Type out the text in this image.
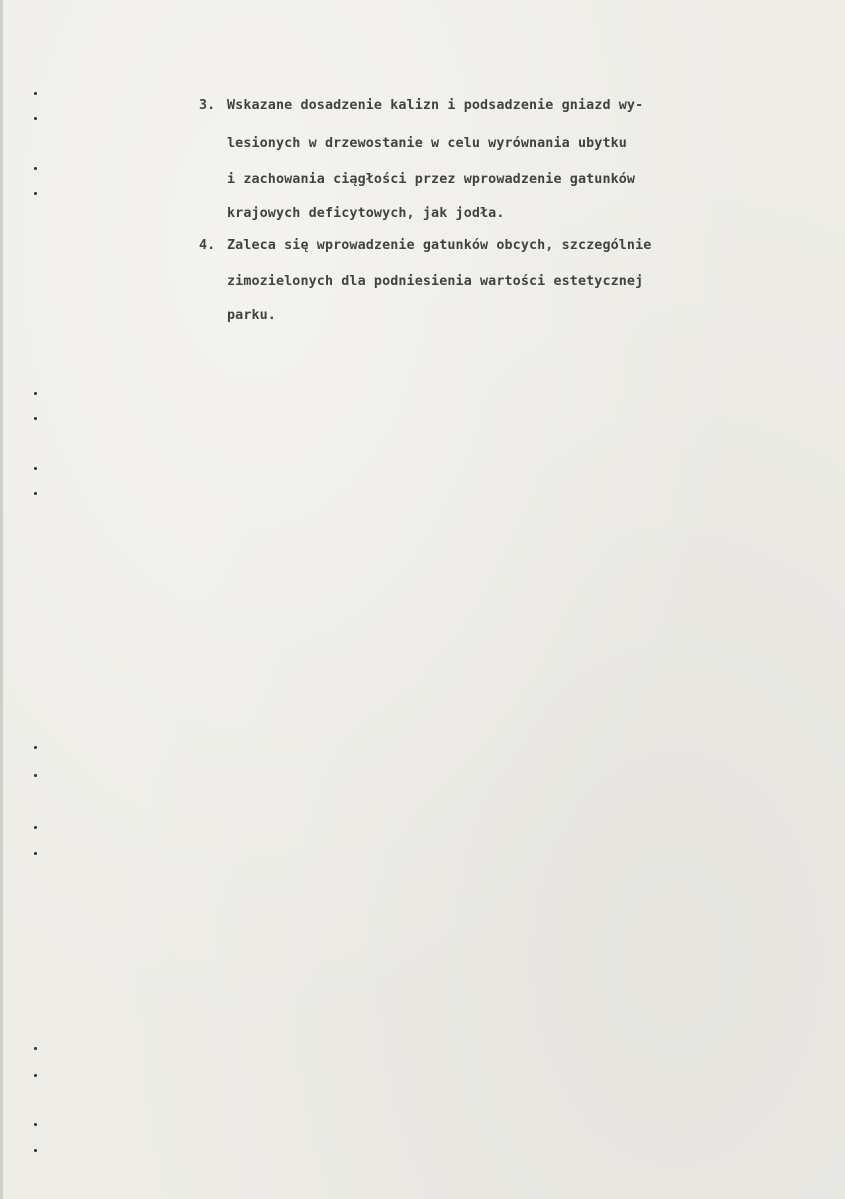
3. Wskazane dosadzenie kalizn i podsadzenie gniazd wy-
lesionych w drzewostanie w celu wyrównania ubytku
i zachowania ciągłości przez wprowadzenie gatunków
krajowych deficytowych, jak jodła.
4. Zaleca się wprowadzenie gatunków obcych, szczególnie
zimozielonych dla podniesienia wartości estetycznej
parku.
